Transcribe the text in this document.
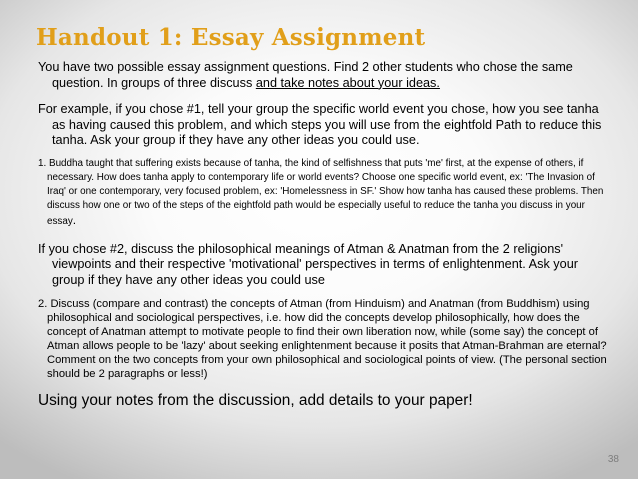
Handout 1: Essay Assignment

You have two possible essay assignment questions. Find 2 other students who chose the same question. In groups of three discuss and take notes about your ideas.

For example, if you chose #1, tell your group the specific world event you chose, how you see tanha as having caused this problem, and which steps you will use from the eightfold Path to reduce this tanha. Ask your group if they have any other ideas you could use.

1. Buddha taught that suffering exists because of tanha, the kind of selfishness that puts 'me' first, at the expense of others, if necessary. How does tanha apply to contemporary life or world events? Choose one specific world event, ex: 'The Invasion of Iraq' or one contemporary, very focused problem, ex: 'Homelessness in SF.' Show how tanha has caused these problems. Then discuss how one or two of the steps of the eightfold path would be especially useful to reduce the tanha you discuss in your essay.

If you chose #2, discuss the philosophical meanings of Atman & Anatman from the 2 religions' viewpoints and their respective 'motivational' perspectives in terms of enlightenment. Ask your group if they have any other ideas you could use

2. Discuss (compare and contrast) the concepts of Atman (from Hinduism) and Anatman (from Buddhism) using philosophical and sociological perspectives, i.e. how did the concepts develop philosophically, how does the concept of Anatman attempt to motivate people to find their own liberation now, while (some say) the concept of Atman allows people to be 'lazy' about seeking enlightenment because it posits that Atman-Brahman are eternal? Comment on the two concepts from your own philosophical and sociological points of view. (The personal section should be 2 paragraphs or less!)

Using your notes from the discussion, add details to your paper!

38
